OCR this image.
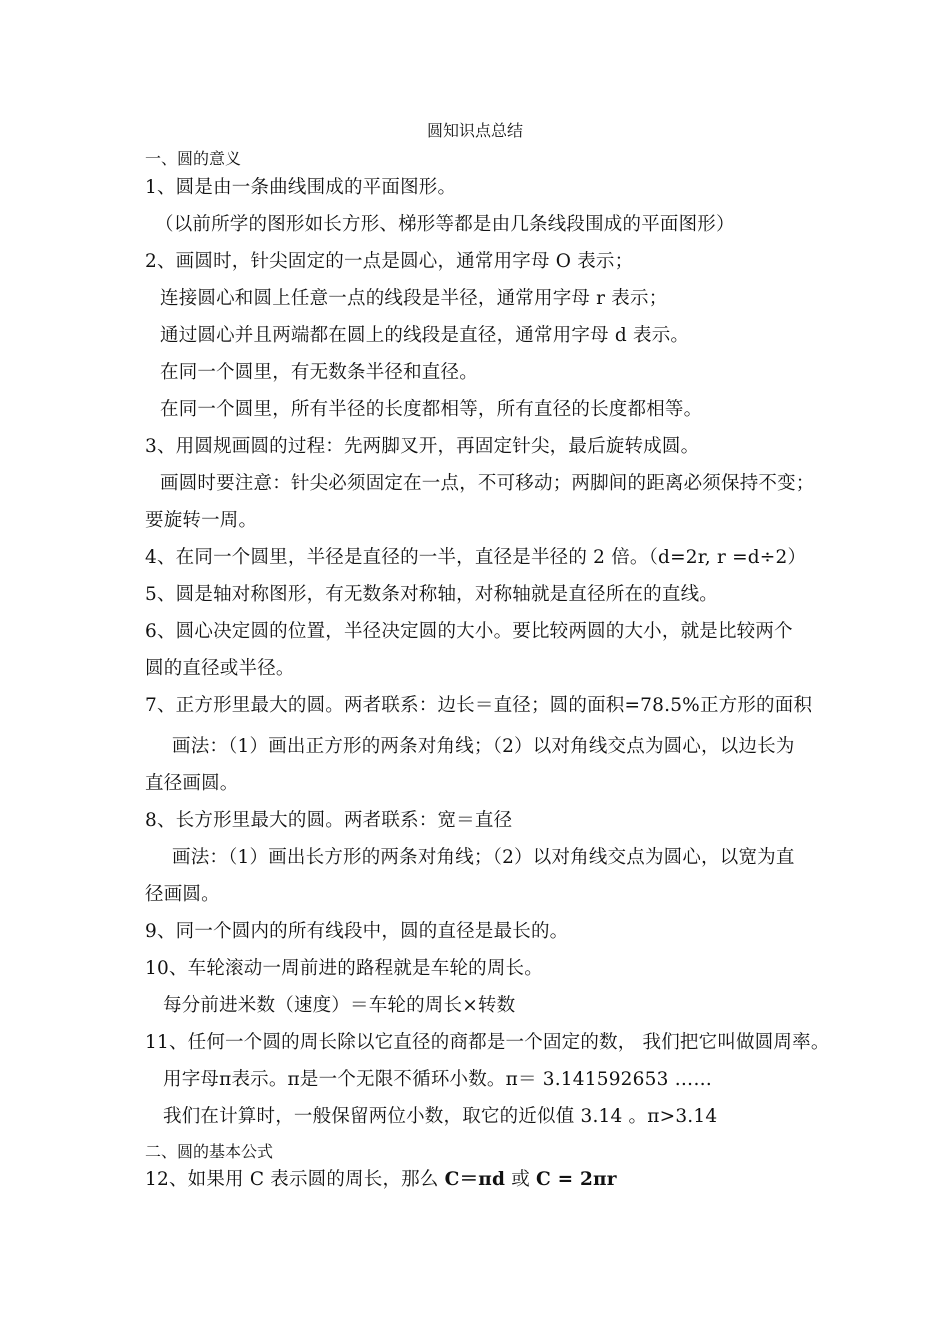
圆知识点总结
一、圆的意义
1、圆是由一条曲线围成的平面图形。
（以前所学的图形如长方形、梯形等都是由几条线段围成的平面图形）
2、画圆时，针尖固定的一点是圆心，通常用字母 O 表示；
连接圆心和圆上任意一点的线段是半径，通常用字母 r 表示；
通过圆心并且两端都在圆上的线段是直径，通常用字母 d 表示。
在同一个圆里，有无数条半径和直径。
在同一个圆里，所有半径的长度都相等，所有直径的长度都相等。
3、用圆规画圆的过程：先两脚叉开，再固定针尖，最后旋转成圆。
画圆时要注意：针尖必须固定在一点，不可移动；两脚间的距离必须保持不变；
要旋转一周。
4、在同一个圆里，半径是直径的一半，直径是半径的 2 倍。（d=2r, r =d÷2）
5、圆是轴对称图形，有无数条对称轴，对称轴就是直径所在的直线。
6、圆心决定圆的位置，半径决定圆的大小。要比较两圆的大小，就是比较两个
圆的直径或半径。
7、正方形里最大的圆。两者联系：边长＝直径；圆的面积=78.5%正方形的面积
画法：（1）画出正方形的两条对角线；（2）以对角线交点为圆心，以边长为
直径画圆。
8、长方形里最大的圆。两者联系：宽＝直径
画法：（1）画出长方形的两条对角线；（2）以对角线交点为圆心，以宽为直
径画圆。
9、同一个圆内的所有线段中，圆的直径是最长的。
10、车轮滚动一周前进的路程就是车轮的周长。
每分前进米数（速度）＝车轮的周长×转数
11、任何一个圆的周长除以它直径的商都是一个固定的数， 我们把它叫做圆周率。
用字母π表示。π是一个无限不循环小数。π＝ 3.141592653 ……
我们在计算时，一般保留两位小数，取它的近似值 3.14 。π>3.14
二、圆的基本公式
12、如果用 C 表示圆的周长，那么 C＝πd 或 C = 2πr
